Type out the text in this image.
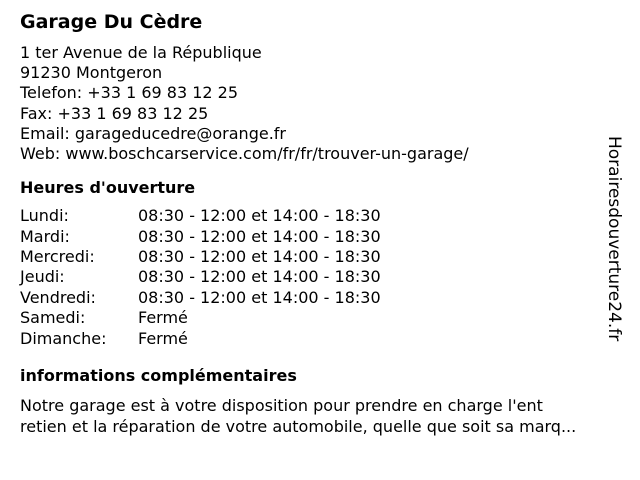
Garage Du Cèdre
1 ter Avenue de la République
91230 Montgeron
Telefon: +33 1 69 83 12 25
Fax: +33 1 69 83 12 25
Email: garageducedre@orange.fr
Web: www.boschcarservice.com/fr/fr/trouver-un-garage/
Heures d'ouverture
Lundi:	08:30 - 12:00 et 14:00 - 18:30
Mardi:	08:30 - 12:00 et 14:00 - 18:30
Mercredi:	08:30 - 12:00 et 14:00 - 18:30
Jeudi:	08:30 - 12:00 et 14:00 - 18:30
Vendredi:	08:30 - 12:00 et 14:00 - 18:30
Samedi:	Fermé
Dimanche:	Fermé
informations complémentaires
Notre garage est à votre disposition pour prendre en charge l'ent
retien et la réparation de votre automobile, quelle que soit sa marq...
Horairesdouverture24.fr
